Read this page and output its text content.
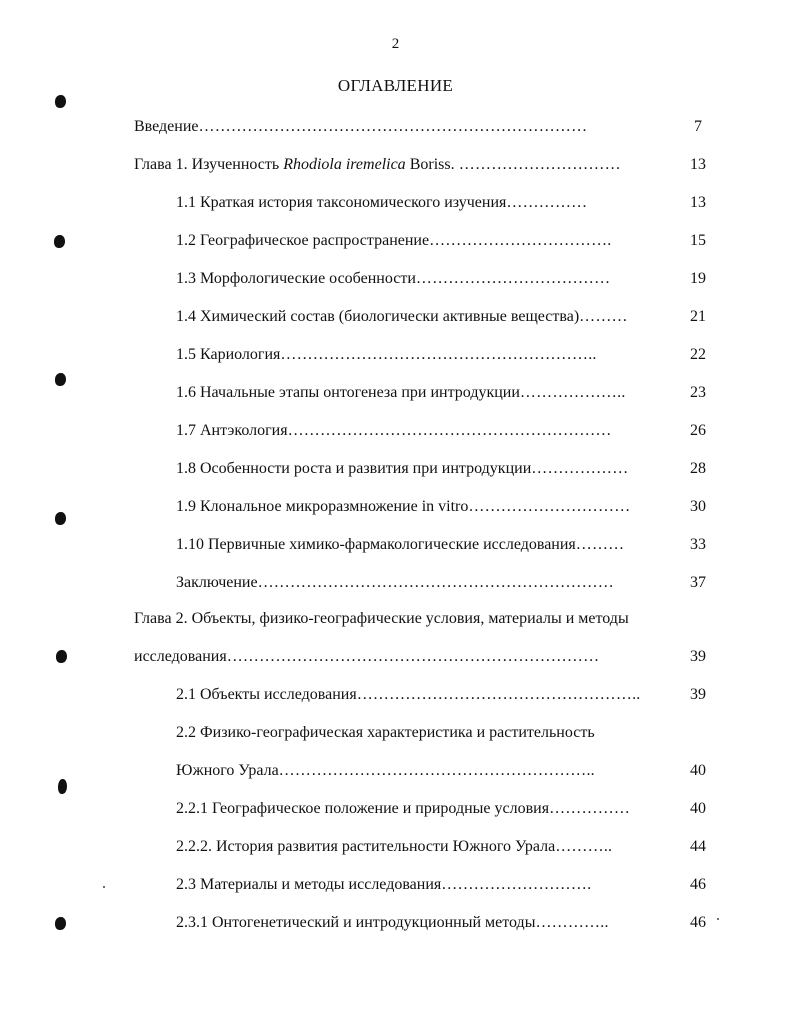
2
ОГЛАВЛЕНИЕ
Введение………………………………………………………………	7
Глава 1. Изученность Rhodiola iremelica Boriss. …………………………	13
1.1 Краткая история таксономического изучения……………	13
1.2 Географическое распространение…………………………….	15
1.3 Морфологические особенности………………………………	19
1.4 Химический состав (биологически активные вещества)………	21
1.5 Кариология…………………………………………………..	22
1.6 Начальные этапы онтогенеза при интродукции………………..	23
1.7 Антэкология……………………………………………………	26
1.8 Особенности роста и развития при интродукции………………	28
1.9 Клональное микроразмножение in vitro…………………………	30
1.10 Первичные химико-фармакологические исследования………	33
Заключение…………………………………………………………	37
Глава 2. Объекты, физико-географические условия, материалы и методы
исследования……………………………………………………………	39
2.1 Объекты исследования……………………………………………..	39
2.2 Физико-географическая характеристика и растительность
Южного Урала…………………………………………………..	40
2.2.1 Географическое положение и природные условия……………	40
2.2.2. История развития растительности Южного Урала………..	44
2.3 Материалы и методы исследования……………………….	46
2.3.1 Онтогенетический и интродукционный методы…………..	46
